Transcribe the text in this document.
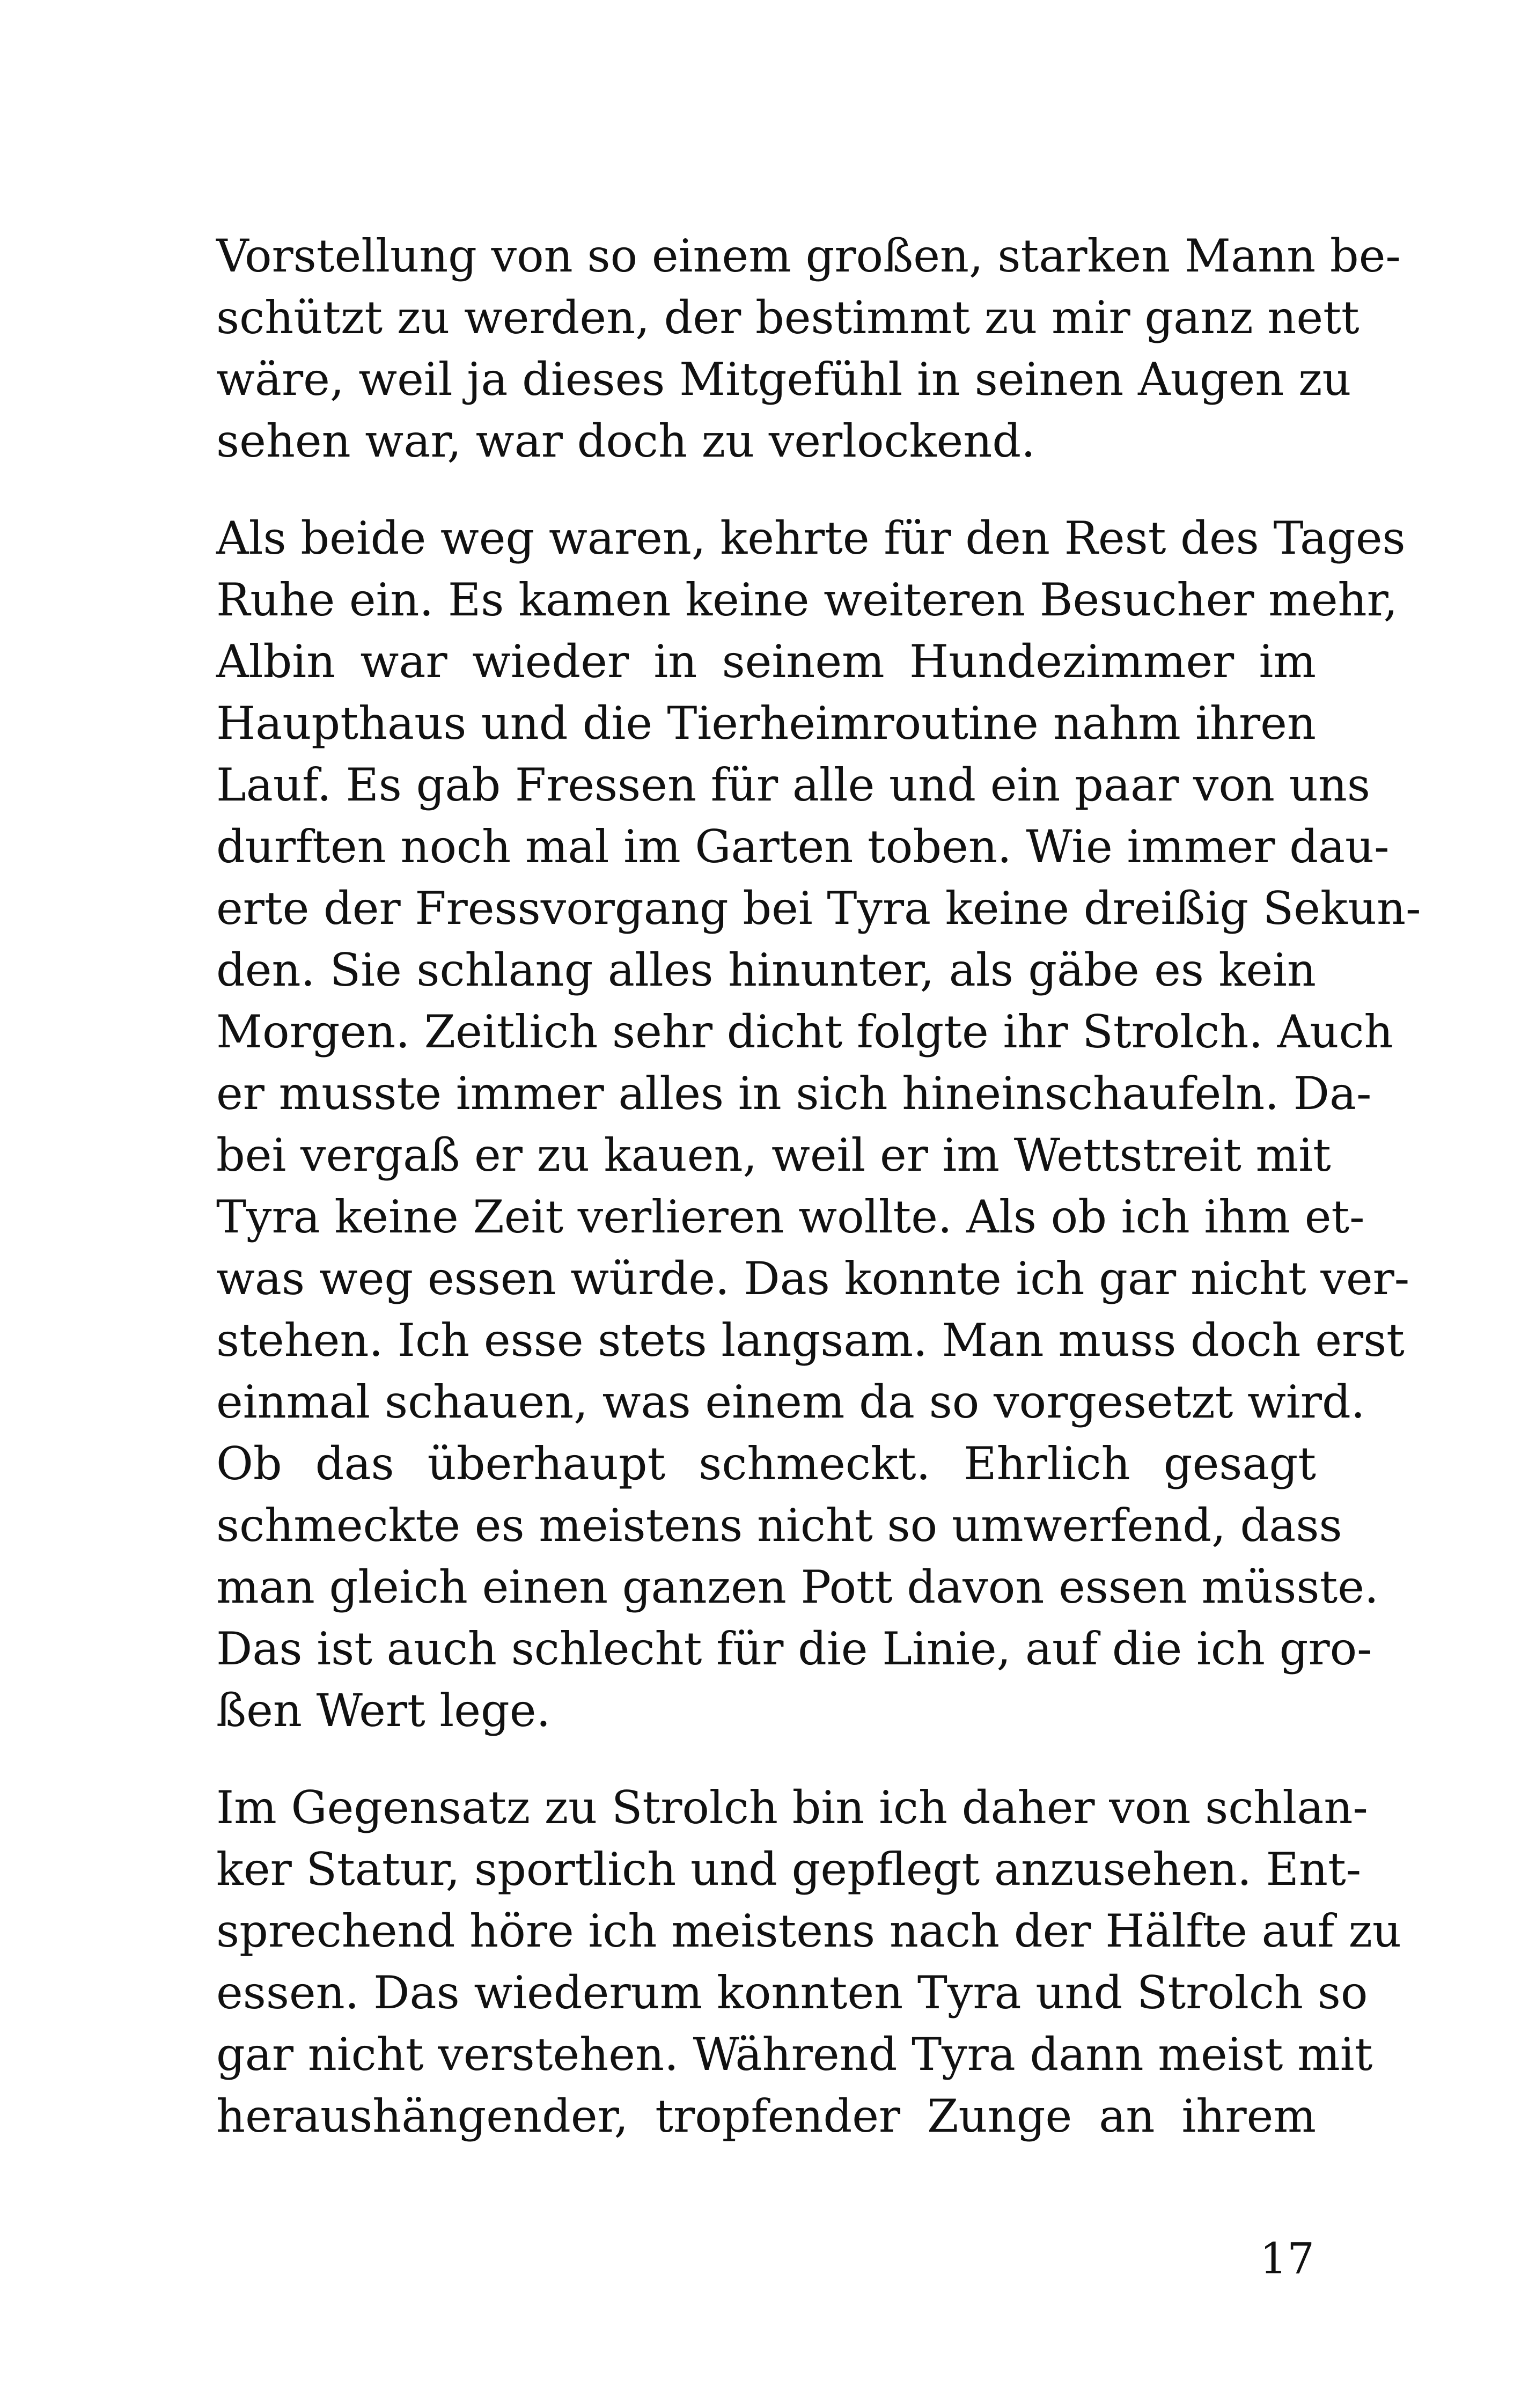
Vorstellung von so einem großen, starken Mann be-
schützt zu werden, der bestimmt zu mir ganz nett
wäre, weil ja dieses Mitgefühl in seinen Augen zu
sehen war, war doch zu verlockend.
Als beide weg waren, kehrte für den Rest des Tages
Ruhe ein. Es kamen keine weiteren Besucher mehr,
Albin war wieder in seinem Hundezimmer im
Haupthaus und die Tierheimroutine nahm ihren
Lauf. Es gab Fressen für alle und ein paar von uns
durften noch mal im Garten toben. Wie immer dau-
erte der Fressvorgang bei Tyra keine dreißig Sekun-
den. Sie schlang alles hinunter, als gäbe es kein
Morgen. Zeitlich sehr dicht folgte ihr Strolch. Auch
er musste immer alles in sich hineinschaufeln. Da-
bei vergaß er zu kauen, weil er im Wettstreit mit
Tyra keine Zeit verlieren wollte. Als ob ich ihm et-
was weg essen würde. Das konnte ich gar nicht ver-
stehen. Ich esse stets langsam. Man muss doch erst
einmal schauen, was einem da so vorgesetzt wird.
Ob das überhaupt schmeckt. Ehrlich gesagt
schmeckte es meistens nicht so umwerfend, dass
man gleich einen ganzen Pott davon essen müsste.
Das ist auch schlecht für die Linie, auf die ich gro-
ßen Wert lege.
Im Gegensatz zu Strolch bin ich daher von schlan-
ker Statur, sportlich und gepflegt anzusehen. Ent-
sprechend höre ich meistens nach der Hälfte auf zu
essen. Das wiederum konnten Tyra und Strolch so
gar nicht verstehen. Während Tyra dann meist mit
heraushängender, tropfender Zunge an ihrem
17
